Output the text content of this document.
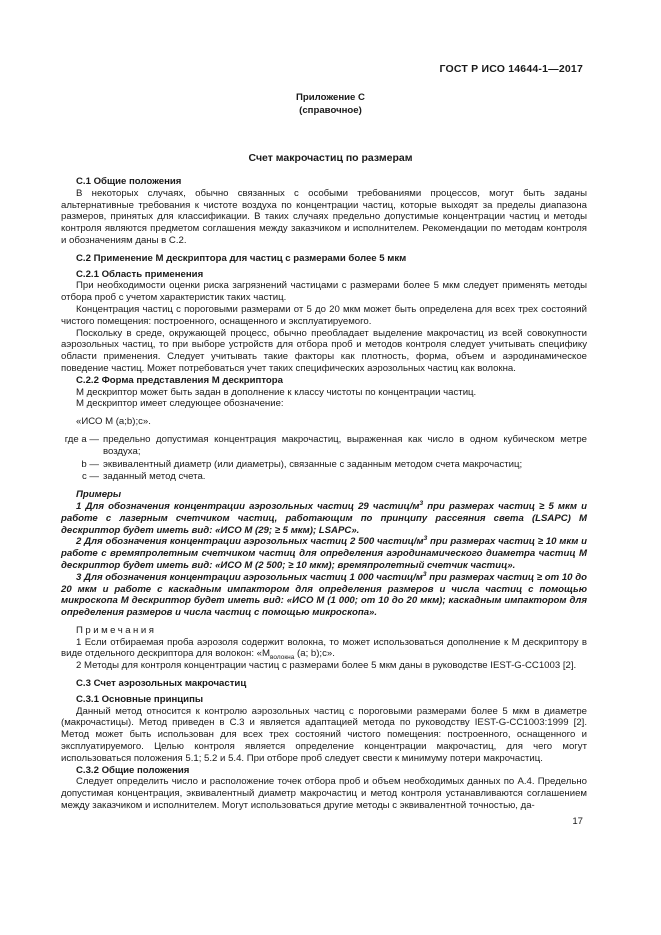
ГОСТ Р ИСО 14644-1—2017
Приложение С
(справочное)
Счет макрочастиц по размерам

С.1 Общие положения

В некоторых случаях, обычно связанных с особыми требованиями процессов, могут быть заданы альтернативные требования к чистоте воздуха по концентрации частиц, которые выходят за пределы диапазона размеров, принятых для классификации. В таких случаях предельно допустимые концентрации частиц и методы контроля являются предметом соглашения между заказчиком и исполнителем. Рекомендации по методам контроля и обозначениям даны в С.2.

С.2 Применение М дескриптора для частиц с размерами более 5 мкм

С.2.1 Область применения

При необходимости оценки риска загрязнений частицами с размерами более 5 мкм следует применять методы отбора проб с учетом характеристик таких частиц.

Концентрация частиц с пороговыми размерами от 5 до 20 мкм может быть определена для всех трех состояний чистого помещения: построенного, оснащенного и эксплуатируемого.

Поскольку в среде, окружающей процесс, обычно преобладает выделение макрочастиц из всей совокупности аэрозольных частиц, то при выборе устройств для отбора проб и методов контроля следует учитывать специфику области применения. Следует учитывать такие факторы как плотность, форма, объем и аэродинамическое поведение частиц. Может потребоваться учет таких специфических аэрозольных частиц как волокна.

С.2.2 Форма представления М дескриптора

М дескриптор может быть задан в дополнение к классу чистоты по концентрации частиц.

М дескриптор имеет следующее обозначение:

«ИСО М (a;b);c».

где a — предельно допустимая концентрация макрочастиц, выраженная как число в одном кубическом метре воздуха;

b — эквивалентный диаметр (или диаметры), связанные с заданным методом счета макрочастиц;

c — заданный метод счета.

Примеры

1 Для обозначения концентрации аэрозольных частиц 29 частиц/$м^3$ при размерах частиц ≥ 5 мкм и работе с лазерным счетчиком частиц, работающим по принципу рассеяния света (LSAPC) М дескриптор будет иметь вид: «ИСО М (29; ≥ 5 мкм); LSAPC».

2 Для обозначения концентрации аэрозольных частиц 2 500 частиц/$м^3$ при размерах частиц ≥ 10 мкм и работе с времяпролетным счетчиком частиц для определения аэродинамического диаметра частиц М дескриптор будет иметь вид: «ИСО М (2 500; ≥ 10 мкм); времяпролетный счетчик частиц».

3 Для обозначения концентрации аэрозольных частиц 1 000 частиц/$м^3$ при размерах частиц ≥ от 10 до 20 мкм и работе с каскадным импактором для определения размеров и числа частиц с помощью микроскопа М дескриптор будет иметь вид: «ИСО М (1 000; от 10 до 20 мкм); каскадным импактором для определения размеров и числа частиц с помощью микроскопа».

Примечания

1 Если отбираемая проба аэрозоля содержит волокна, то может использоваться дополнение к М дескриптору в виде отдельного дескриптора для волокон: «$М_{волокна}$ (a; b);c».

2 Методы для контроля концентрации частиц с размерами более 5 мкм даны в руководстве IEST-G-CC1003 [2].

С.3 Счет аэрозольных макрочастиц

С.3.1 Основные принципы

Данный метод относится к контролю аэрозольных частиц с пороговыми размерами более 5 мкм в диаметре (макрочастицы). Метод приведен в С.3 и является адаптацией метода по руководству IEST-G-CC1003:1999 [2]. Метод может быть использован для всех трех состояний чистого помещения: построенного, оснащенного и эксплуатируемого. Целью контроля является определение концентрации макрочастиц, для чего могут использоваться положения 5.1; 5.2 и 5.4. При отборе проб следует свести к минимуму потери макрочастиц.

С.3.2 Общие положения

Следует определить число и расположение точек отбора проб и объем необходимых данных по А.4. Предельно допустимая концентрация, эквивалентный диаметр макрочастиц и метод контроля устанавливаются соглашением между заказчиком и исполнителем. Могут использоваться другие методы с эквивалентной точностью, да-

17
